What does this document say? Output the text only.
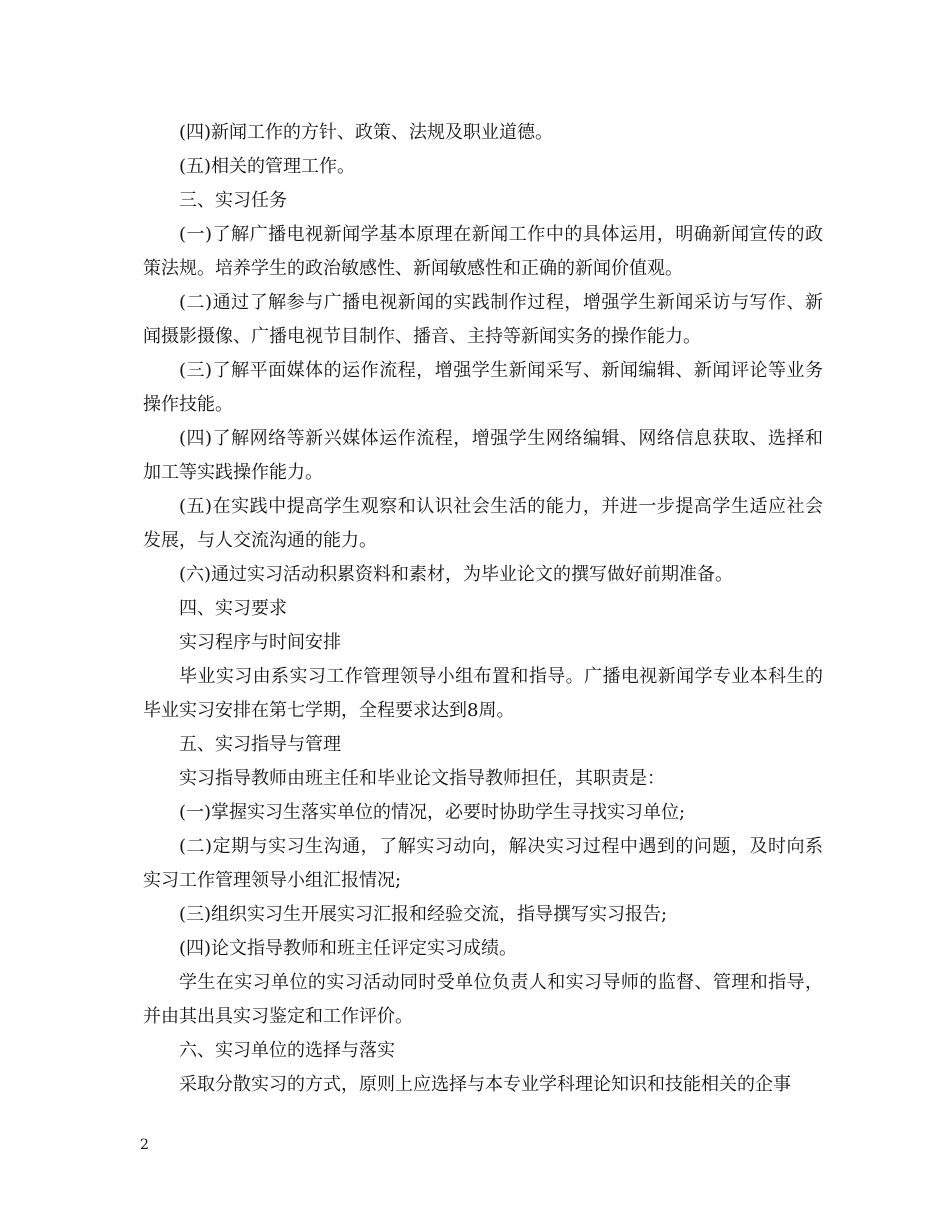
(四)新闻工作的方针、政策、法规及职业道德。

(五)相关的管理工作。

三、实习任务

(一)了解广播电视新闻学基本原理在新闻工作中的具体运用，明确新闻宣传的政策法规。培养学生的政治敏感性、新闻敏感性和正确的新闻价值观。

(二)通过了解参与广播电视新闻的实践制作过程，增强学生新闻采访与写作、新闻摄影摄像、广播电视节目制作、播音、主持等新闻实务的操作能力。

(三)了解平面媒体的运作流程，增强学生新闻采写、新闻编辑、新闻评论等业务操作技能。

(四)了解网络等新兴媒体运作流程，增强学生网络编辑、网络信息获取、选择和加工等实践操作能力。

(五)在实践中提高学生观察和认识社会生活的能力，并进一步提高学生适应社会发展，与人交流沟通的能力。

(六)通过实习活动积累资料和素材，为毕业论文的撰写做好前期准备。

四、实习要求

实习程序与时间安排

毕业实习由系实习工作管理领导小组布置和指导。广播电视新闻学专业本科生的毕业实习安排在第七学期，全程要求达到8周。

五、实习指导与管理

实习指导教师由班主任和毕业论文指导教师担任，其职责是：

(一)掌握实习生落实单位的情况，必要时协助学生寻找实习单位;

(二)定期与实习生沟通，了解实习动向，解决实习过程中遇到的问题，及时向系实习工作管理领导小组汇报情况;

(三)组织实习生开展实习汇报和经验交流，指导撰写实习报告;

(四)论文指导教师和班主任评定实习成绩。

学生在实习单位的实习活动同时受单位负责人和实习导师的监督、管理和指导，并由其出具实习鉴定和工作评价。

六、实习单位的选择与落实

采取分散实习的方式，原则上应选择与本专业学科理论知识和技能相关的企事

2
